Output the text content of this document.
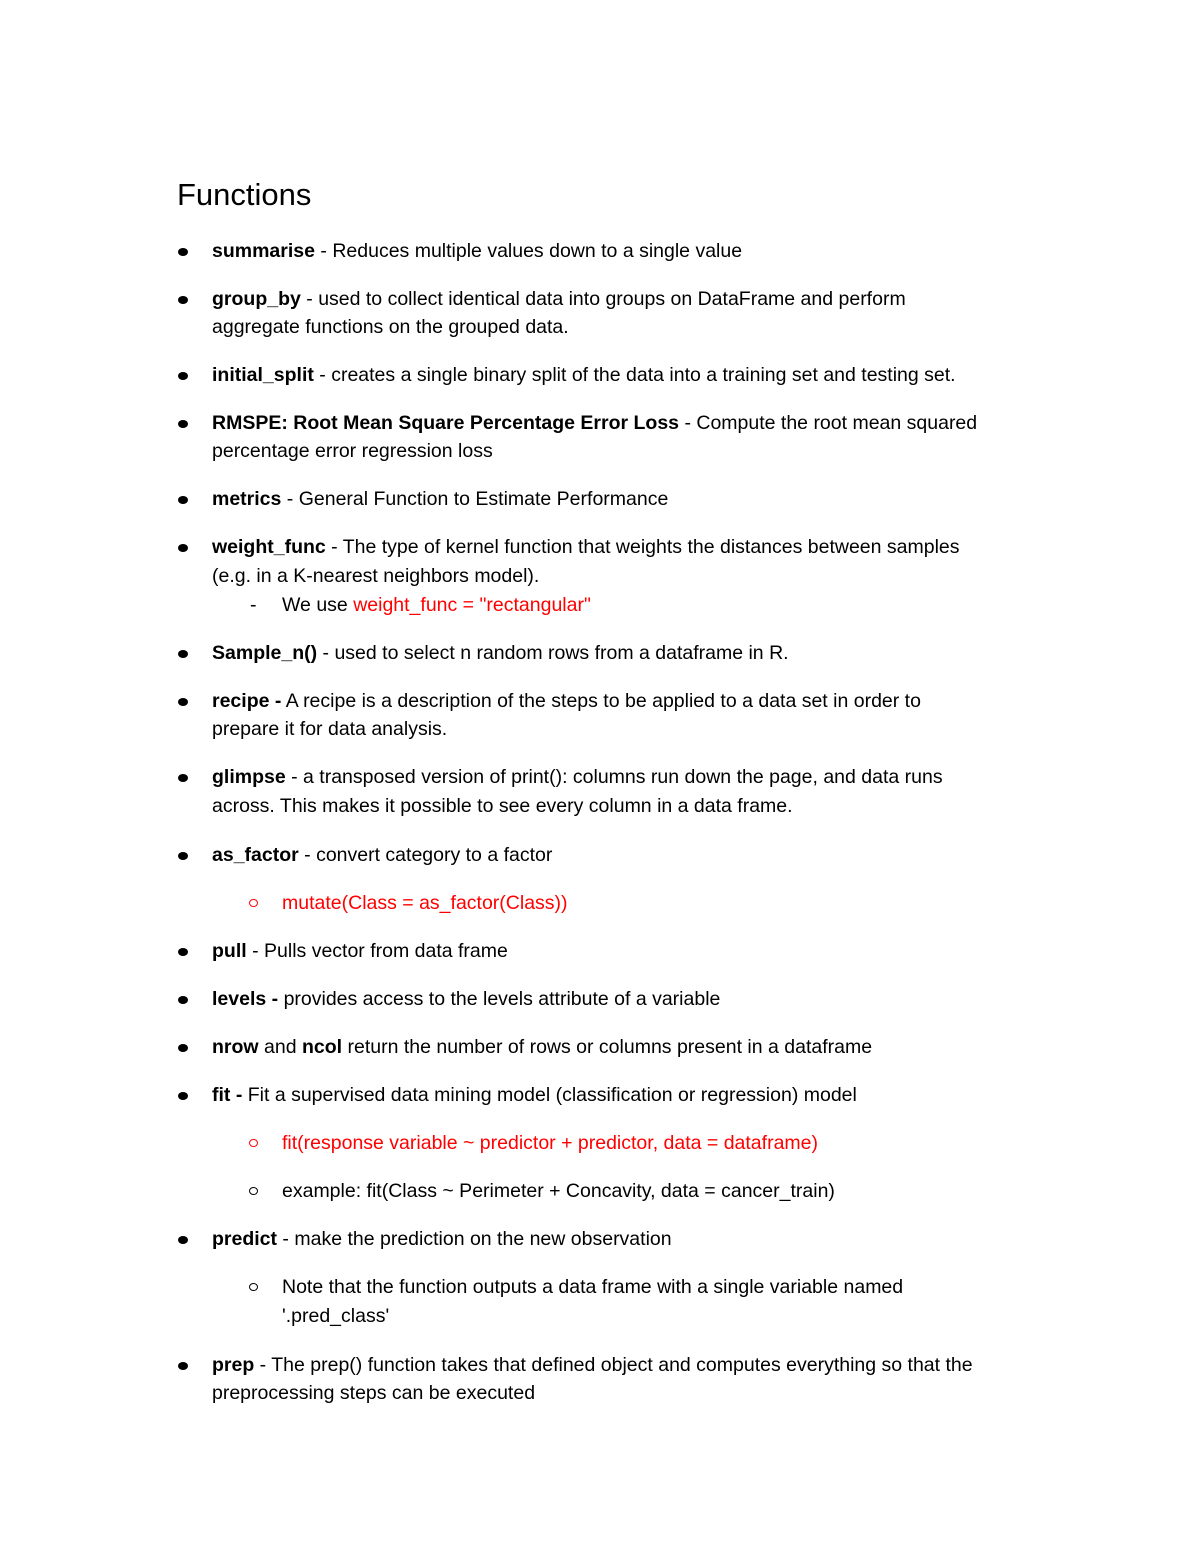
Functions
summarise - Reduces multiple values down to a single value
group_by - used to collect identical data into groups on DataFrame and perform
aggregate functions on the grouped data.
initial_split - creates a single binary split of the data into a training set and testing set.
RMSPE: Root Mean Square Percentage Error Loss - Compute the root mean squared
percentage error regression loss
metrics - General Function to Estimate Performance
weight_func - The type of kernel function that weights the distances between samples
(e.g. in a K-nearest neighbors model).
- We use weight_func = "rectangular"
Sample_n() - used to select n random rows from a dataframe in R.
recipe - A recipe is a description of the steps to be applied to a data set in order to
prepare it for data analysis.
glimpse - a transposed version of print(): columns run down the page, and data runs
across. This makes it possible to see every column in a data frame.
as_factor - convert category to a factor
mutate(Class = as_factor(Class))
pull - Pulls vector from data frame
levels - provides access to the levels attribute of a variable
nrow and ncol return the number of rows or columns present in a dataframe
fit - Fit a supervised data mining model (classification or regression) model
fit(response variable ~ predictor + predictor, data = dataframe)
example: fit(Class ~ Perimeter + Concavity, data = cancer_train)
predict - make the prediction on the new observation
Note that the function outputs a data frame with a single variable named
'.pred_class'
prep - The prep() function takes that defined object and computes everything so that the
preprocessing steps can be executed
